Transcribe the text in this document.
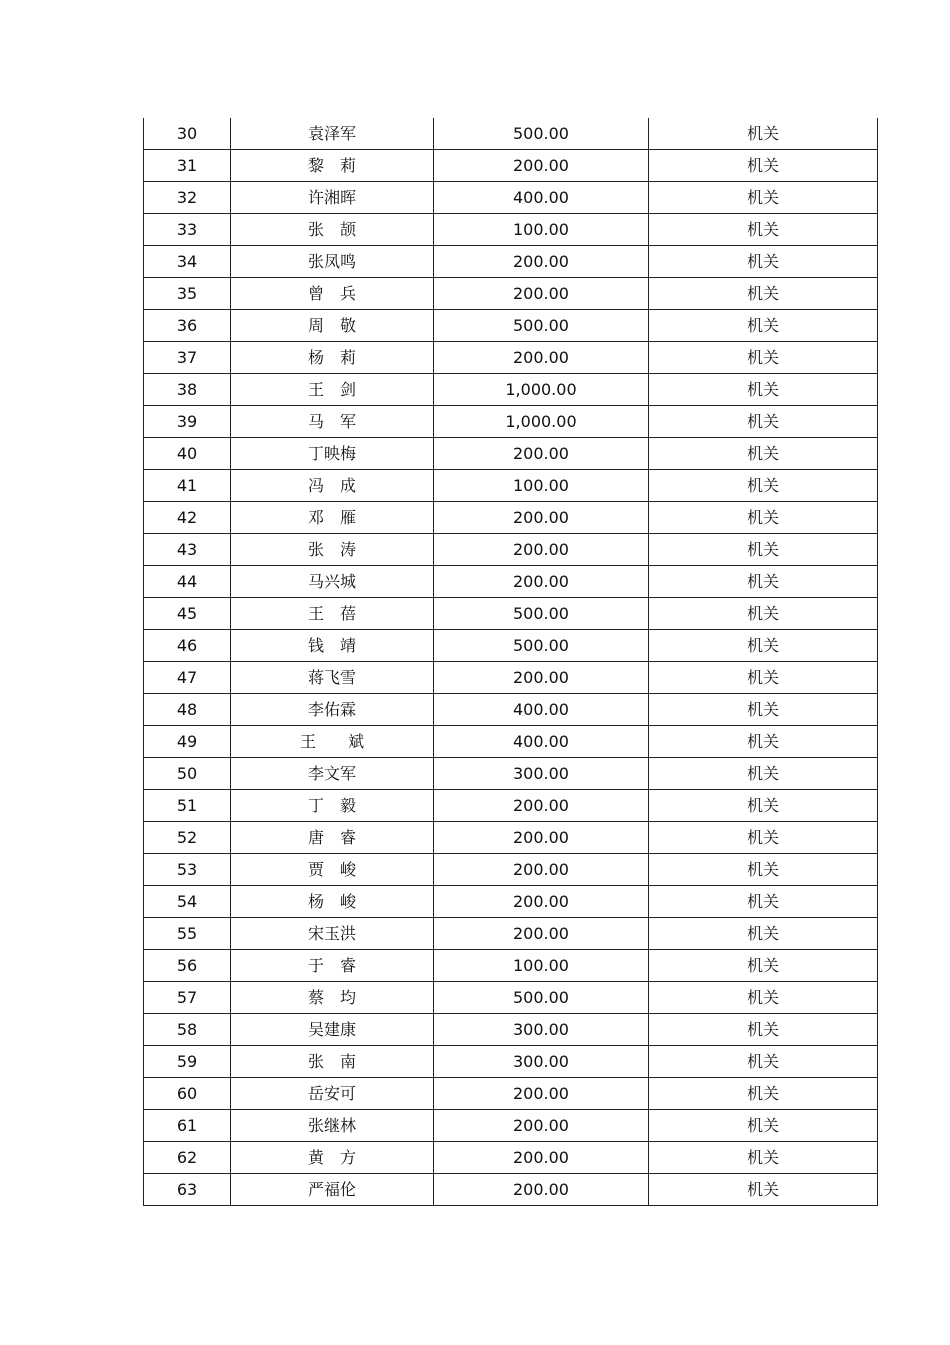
30	袁泽军	500.00	机关
31	黎　莉	200.00	机关
32	许湘晖	400.00	机关
33	张　颉	100.00	机关
34	张凤鸣	200.00	机关
35	曾　兵	200.00	机关
36	周　敬	500.00	机关
37	杨　莉	200.00	机关
38	王　剑	1,000.00	机关
39	马　军	1,000.00	机关
40	丁映梅	200.00	机关
41	冯　成	100.00	机关
42	邓　雁	200.00	机关
43	张　涛	200.00	机关
44	马兴城	200.00	机关
45	王　蓓	500.00	机关
46	钱　靖	500.00	机关
47	蒋飞雪	200.00	机关
48	李佑霖	400.00	机关
49	王　　斌	400.00	机关
50	李文军	300.00	机关
51	丁　毅	200.00	机关
52	唐　睿	200.00	机关
53	贾　峻	200.00	机关
54	杨　峻	200.00	机关
55	宋玉洪	200.00	机关
56	于　睿	100.00	机关
57	蔡　均	500.00	机关
58	吴建康	300.00	机关
59	张　南	300.00	机关
60	岳安可	200.00	机关
61	张继林	200.00	机关
62	黄　方	200.00	机关
63	严福伦	200.00	机关
